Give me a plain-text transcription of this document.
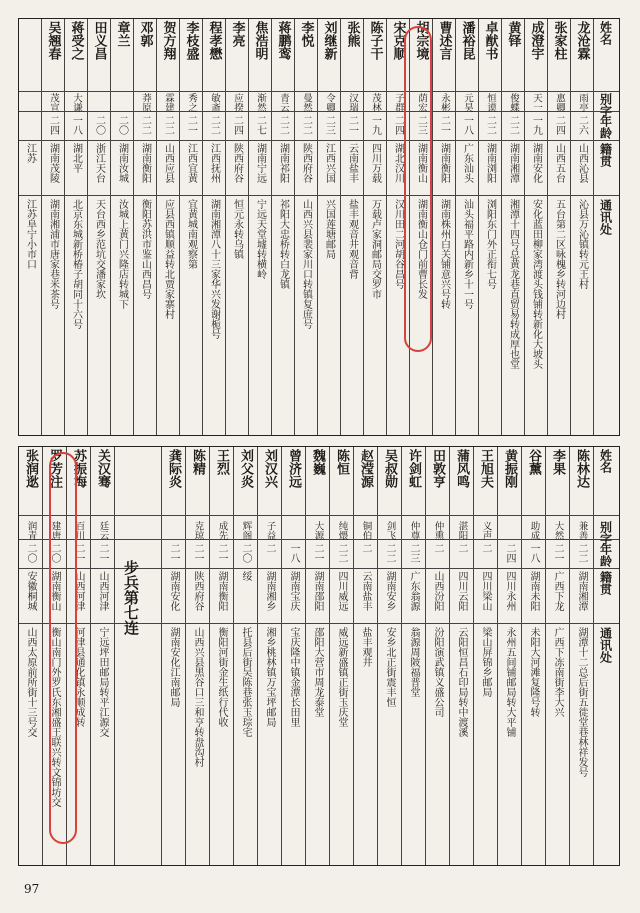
江苏
江苏阜宁小市口
吴翘春
茂宣
二四
湖南茂陵
湖南湘浦市唐家巷米茶号
蒋受之
大谦
一八
湖北平
北京东城新桥椿子胡同十六号
田义昌
二〇
浙江天台
天台西乡范坑交潘家坎
章兰
二〇
湖南汝城
汝城上黄门兴隆店转城下
邓郭
莽原
二二
湖南衡阳
衡阳苏洪市鉴山西昌号
贺方翔
霖建
二二
山西应县
应县西镇顺益转北贾家寨村
李枝盛
秀之
二一
江西宜黄
宜黄城南观察第
程孝懋
敏斋
二二
江西抚州
湖南湘潭八十三家华兴发谢栀号
李亮
应揆
二四
陕西府谷
恒元永转乌镇
焦浩明
渐然
二七
湖南宁远
宁远天堂墟转横岭
蒋鹏鸾
青云
二二
湖南祁阳
祁阳大忠桥转白龙镇
李悦
曼然
二二
陕西府谷
山西兴县裴家川口转镇复庶号
刘继新
令卿
二三
江西兴国
兴国莲塘邮局
张熊
汉瑞
二一
云南盐丰
盐丰观音井观音背
陈子干
茂林
一九
四川万载
万载卢家洞邮局交罗市
宋克顺
子群
二四
湖北汉川
汉川田二河胡谷昌号
胡宗境
荫宏
二三
湖南衡山
湖南衡山仓门前曹长发
曹述言
永彬
二一
湖南衡阳
湖南株州白关铺意兴号转
潘裕昆
元昊
一八
广东汕头
汕头福平路内新乡十一号
卓猷书
恒谟
二二
湖南浏阳
浏阳东门外正衔七号
黄铎
俊蝶
二二
湖南湘潭
湘潭十四号总黄龙巷直贸易转成厚也堂
成澄宇
天一
一九
湖南安化
安化蓝田柳家湾渡头钱铺转新化大坡头
张家柱
惠卿
二四
山西五台
五台第二区咏槐乡转河边村
龙沧霖
雨亭
二六
山西沁县
沁县万沁镇转元王村
姓名
别字
年龄
籍贯
通讯处
张润逖
润青
二〇
安徽桐城
山西太原前所街十三号交
罗芳注
建唐
二〇
湖南衡山
衡山南门外罗氏东湘盛王联兴转文锦坊交
苏振海
百川
二一
山西河津
河津县通化镇永顺成转
关汉骞
廷云
二一
山西河津
宁远坪田邮局转平江源交
龚际炎
二一
湖南安化
湖南安化江南邮局
陈精
克琼
二一
陕西府谷
山西兴县黑谷口三和亨转盘沟村
王烈
成先
二一
湖南衡阳
衡阳河街金生纸行代收
刘父炎
辉阁
二〇
绥
托县后街吴陈巷张玉琮宅
刘汉兴
子益
二
湖南湘乡
湘乡桃林镇万宝坪邮局
曾济远
一八
湖南宝庆
宝庆隆中镇金潭长田里
魏巍
大源
二一
湖南邵阳
邵阳大营市周龙泰堂
陈恒
纯煨
二二
四川威远
威远新盛镇正街玉庆堂
赵滢源
铜伯
二
云南盐丰
盐丰观井
吴叔勋
剑飞
二二
湖南安乡
安乡北正街震丰恒
许剑虹
仲尊
二三
广东翁源
翁源周陂福普堂
田敦亨
仲熏
二
山西汾阳
汾阳演武镇义盛公司
蒲风鸣
湛阳
二
四川云阳
云阳恒昌石印局转中渡溪
王旭夫
义声
二
四川梁山
梁山屏锦乡邮局
黄振刚
二四
四川永州
永州五间铺邮局转大平铺
谷薰
助成
一八
湖南未阳
未阳大河滩复隆号转
李果
大然
二一
广西下龙
广西下冻南街李大兴
陈林达
兼善
二二
湖南湘潭
湖潭十二总后街五徙堂巷林祥发号
姓名
别字
年龄
籍贯
通讯处
步兵第七连
97
